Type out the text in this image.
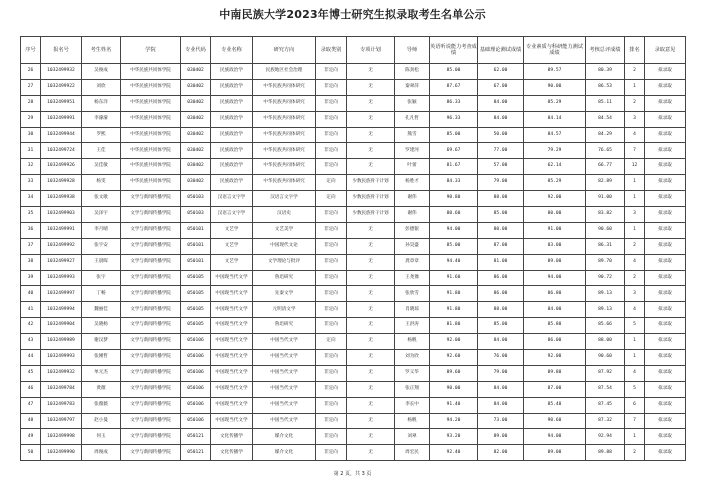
中南民族大学2023年博士研究生拟录取考生名单公示
序号	报名号	考生姓名	学院	专业代码	专业名称	研究方向	录取类别	专项计划	导师	英语听说能力考查成绩	基础理论测试成绩	专业素质与科研能力测试成绩	考核总评成绩	排名	录取意见
26	1032499932	吴俊成	中华民族共同体学院	030402	民族政治学	民族地区社会治理	非定向	无	陈劲松	85.00	62.00	89.57	80.39	2	拟录取
27	1032499922	刘欣	中华民族共同体学院	030402	民族政治学	中华民族共同体研究	非定向	无	秦翠萍	87.67	67.00	90.00	86.53	1	拟录取
28	1032499951	杨东洋	中华民族共同体学院	030402	民族政治学	中华民族共同体研究	非定向	无	张颖	86.33	84.00	85.29	85.11	2	拟录取
29	1032499991	李濛濛	中华民族共同体学院	030402	民族政治学	中华民族共同体研究	非定向	无	孔凡哲	96.33	84.00	84.14	84.54	3	拟录取
30	1032499944	罗熙	中华民族共同体学院	030402	民族政治学	中华民族共同体研究	非定向	无	熊雪	85.00	50.00	84.57	84.29	4	拟录取
31	1032499724	王佳	中华民族共同体学院	030402	民族政治学	中华民族共同体研究	非定向	无	罗建河	69.67	77.00	79.29	76.65	7	拟录取
32	1032499926	吴佳敏	中华民族共同体学院	030402	民族政治学	中华民族共同体研究	非定向	无	叶蕾	81.67	57.00	62.14	66.77	12	拟录取
33	1032499928	杨雯	中华民族共同体学院	030402	民族政治学	中华民族共同体研究	定向	少数民族骨干计划	杨胜才	84.33	79.00	85.29	82.89	1	拟录取
34	1032499938	张文歌	文学与新闻传播学院	050103	汉语言文字学	汉语言文字学	定向	少数民族骨干计划	谢伟	90.80	88.00	92.00	91.00	1	拟录取
35	1032499903	吴泽宇	文学与新闻传播学院	050103	汉语言文字学	汉语史	非定向	少数民族骨干计划	谢伟	80.60	85.00	80.00	83.82	3	拟录取
36	1032499991	李月晴	文学与新闻传播学院	050101	文艺学	文艺美学	非定向	无	彭德银	94.00	80.00	91.00	90.60	1	拟录取
37	1032499992	张宇安	文学与新闻传播学院	050101	文艺学	中国现代文论	非定向	无	孙昊盛	85.00	87.00	83.00	86.31	2	拟录取
38	1032499927	王晨晖	文学与新闻传播学院	050101	文艺学	文学理论与批评	非定向	无	龚章章	94.40	81.00	89.00	89.70	4	拟录取
39	1032499993	张宇	文学与新闻传播学院	050105	中国现当代文学	鲁迅研究	非定向	无	王尧豫	91.60	86.00	94.00	90.72	2	拟录取
40	1032499997	丁畅	文学与新闻传播学院	050105	中国现当代文学	先秦文学	非定向	无	张欣雪	91.80	86.00	86.80	89.13	3	拟录取
41	1032499994	魏丽佳	文学与新闻传播学院	050105	中国现当代文学	元明清文学	非定向	无	肖晓琼	91.80	88.00	84.00	89.13	4	拟录取
42	1032499904	吴晓杨	文学与新闻传播学院	050105	中国现当代文学	鲁迅研究	非定向	无	王洪涛	81.80	85.00	85.80	85.66	5	拟录取
43	1032499989	谢汉梦	文学与新闻传播学院	050106	中国现当代文学	中国当代文学	定向	无	杨帆	92.00	84.00	86.00	88.00	1	拟录取
44	1032499993	张刚哲	文学与新闻传播学院	050106	中国现当代文学	中国当代文学	非定向	无	刘为欣	92.60	76.00	92.00	90.60	1	拟录取
45	1032499932	单元杰	文学与新闻传播学院	050106	中国现当代文学	中国当代文学	非定向	无	罗义华	89.60	79.00	89.80	87.92	4	拟录取
46	1032499784	黄薇	文学与新闻传播学院	050106	中国现当代文学	中国当代文学	非定向	无	张正翔	90.00	84.00	87.00	87.54	5	拟录取
47	1032499783	张薇薇	文学与新闻传播学院	050106	中国现当代文学	中国当代文学	非定向	无	李长中	91.40	84.00	85.40	87.45	6	拟录取
48	1032499797	赵小曼	文学与新闻传播学院	050106	中国现当代文学	中国当代文学	非定向	无	杨帆	94.20	73.00	90.60	87.32	7	拟录取
49	1032499998	何玉	文学与新闻传播学院	050121	文化传播学	媒介文化	非定向	无	刘翠	93.20	89.00	94.00	92.94	1	拟录取
50	1032499990	周俊成	文学与新闻传播学院	050121	文化传播学	媒介文化	非定向	无	周宏民	92.40	82.00	89.00	89.88	2	拟录取
第 2 页，共 3 页
